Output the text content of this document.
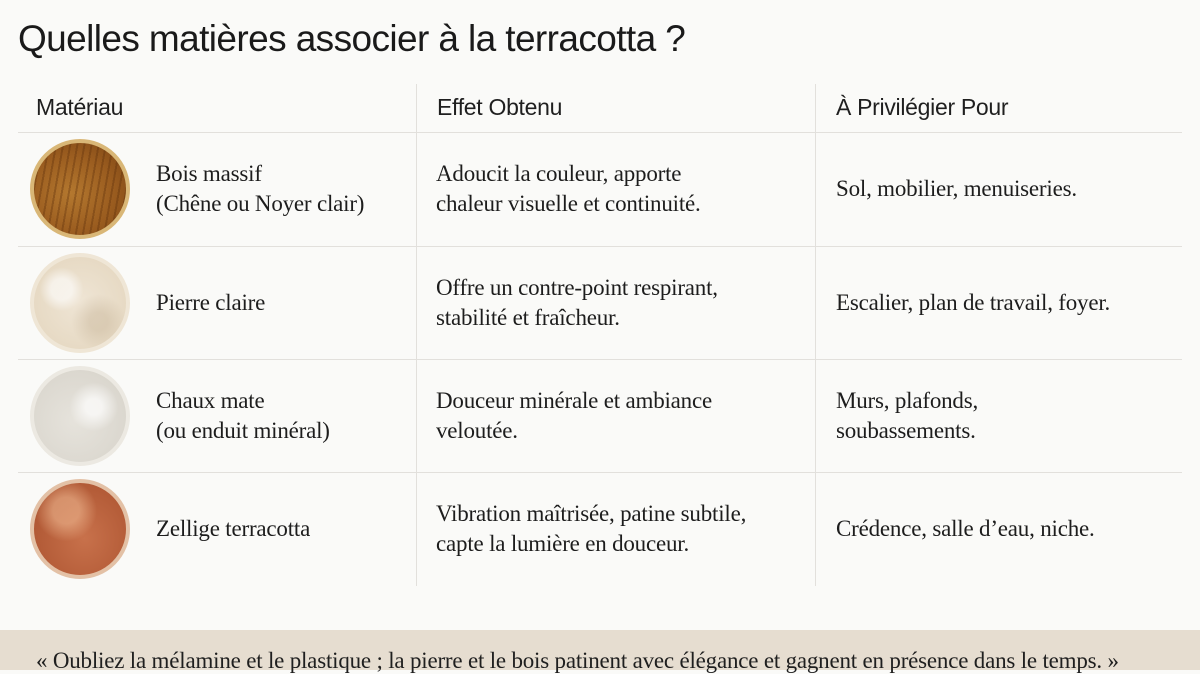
Quelles matières associer à la terracotta ?
Matériau	Effet Obtenu	À Privilégier Pour
Bois massif
(Chêne ou Noyer clair)
Adoucit la couleur, apporte
chaleur visuelle et continuité.
Sol, mobilier, menuiseries.
Pierre claire
Offre un contre-point respirant,
stabilité et fraîcheur.
Escalier, plan de travail, foyer.
Chaux mate
(ou enduit minéral)
Douceur minérale et ambiance
veloutée.
Murs, plafonds,
soubassements.
Zellige terracotta
Vibration maîtrisée, patine subtile,
capte la lumière en douceur.
Crédence, salle d’eau, niche.
« Oubliez la mélamine et le plastique ; la pierre et le bois patinent avec élégance et gagnent en présence dans le temps. »
